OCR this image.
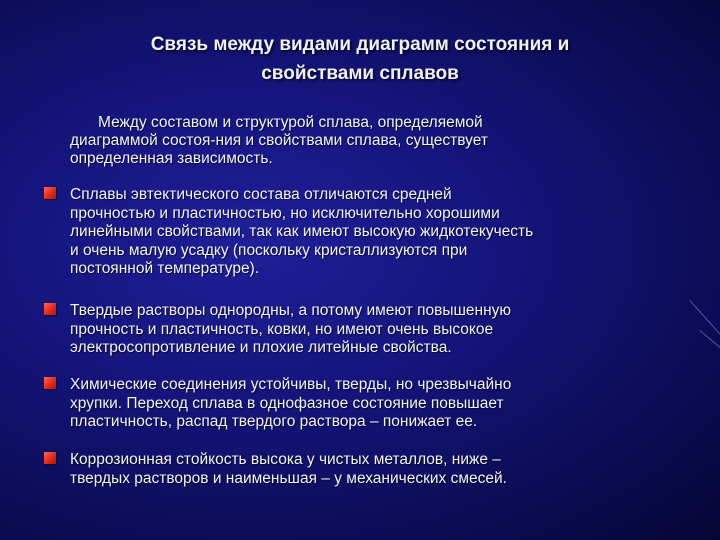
Связь между видами диаграмм состояния и
свойствами сплавов
Между составом и структурой сплава, определяемой
диаграммой состоя-ния и свойствами сплава, существует
определенная зависимость.
Сплавы эвтектического состава отличаются средней
прочностью и пластичностью, но исключительно хорошими
линейными свойствами, так как имеют высокую жидкотекучесть
и очень малую усадку (поскольку кристаллизуются при
постоянной температуре).
Твердые растворы однородны, а потому имеют повышенную
прочность и пластичность, ковки, но имеют очень высокое
электросопротивление и плохие литейные свойства.
Химические соединения устойчивы, тверды, но чрезвычайно
хрупки. Переход сплава в однофазное состояние повышает
пластичность, распад твердого раствора – понижает ее.
Коррозионная стойкость высока у чистых металлов, ниже –
твердых растворов и наименьшая – у механических смесей.
